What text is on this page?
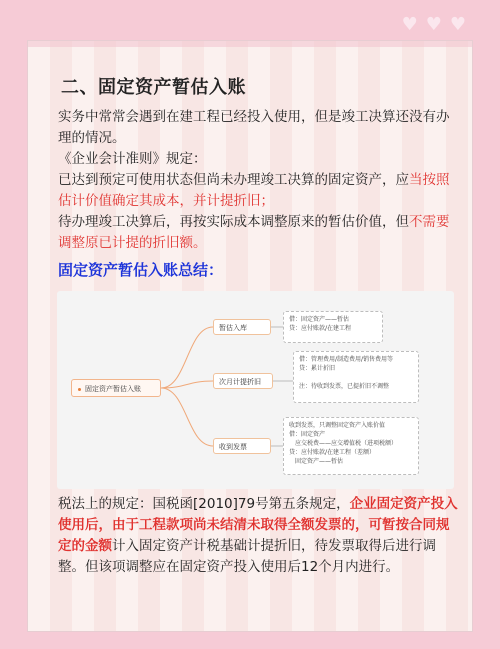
♥ ♥ ♥
二、固定资产暂估入账
实务中常常会遇到在建工程已经投入使用，但是竣工决算还没有办理的情况。
《企业会计准则》规定：
已达到预定可使用状态但尚未办理竣工决算的固定资产，应当按照估计价值确定其成本，并计提折旧；
待办理竣工决算后，再按实际成本调整原来的暂估价值，但不需要调整原已计提的折旧额。
固定资产暂估入账总结：
固定资产暂估入账
暂估入库
次月计提折旧
收到发票
借：固定资产——暂估
贷：应付账款/在建工程
借：管理费用/制造费用/销售费用等
贷：累计折旧

注：待收到发票，已提折旧不调整
收到发票，只调整固定资产入账价值
借：固定资产
　应交税费——应交增值税（进项税额）
贷：应付账款/在建工程（差额）
　固定资产——暂估
税法上的规定：国税函[2010]79号第五条规定，企业固定资产投入使用后，由于工程款项尚未结清未取得全额发票的，可暂按合同规定的金额计入固定资产计税基础计提折旧，待发票取得后进行调整。但该项调整应在固定资产投入使用后12个月内进行。
